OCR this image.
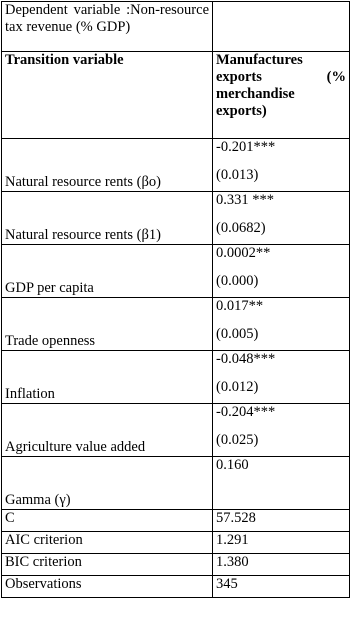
Dependent variable :Non-resource tax revenue (% GDP)	
Transition variable	Manufactures exports (% merchandise exports)
Natural resource rents (βo)	-0.201***
(0.013)

Natural resource rents (β1)	0.331 ***
(0.0682)

GDP per capita	0.0002**
(0.000)

Trade openness	0.017**
(0.005)

Inflation	-0.048***
(0.012)

Agriculture value added	-0.204***
(0.025)

Gamma (γ)	0.160
C	57.528
AIC criterion	1.291
BIC criterion	1.380
Observations	345
